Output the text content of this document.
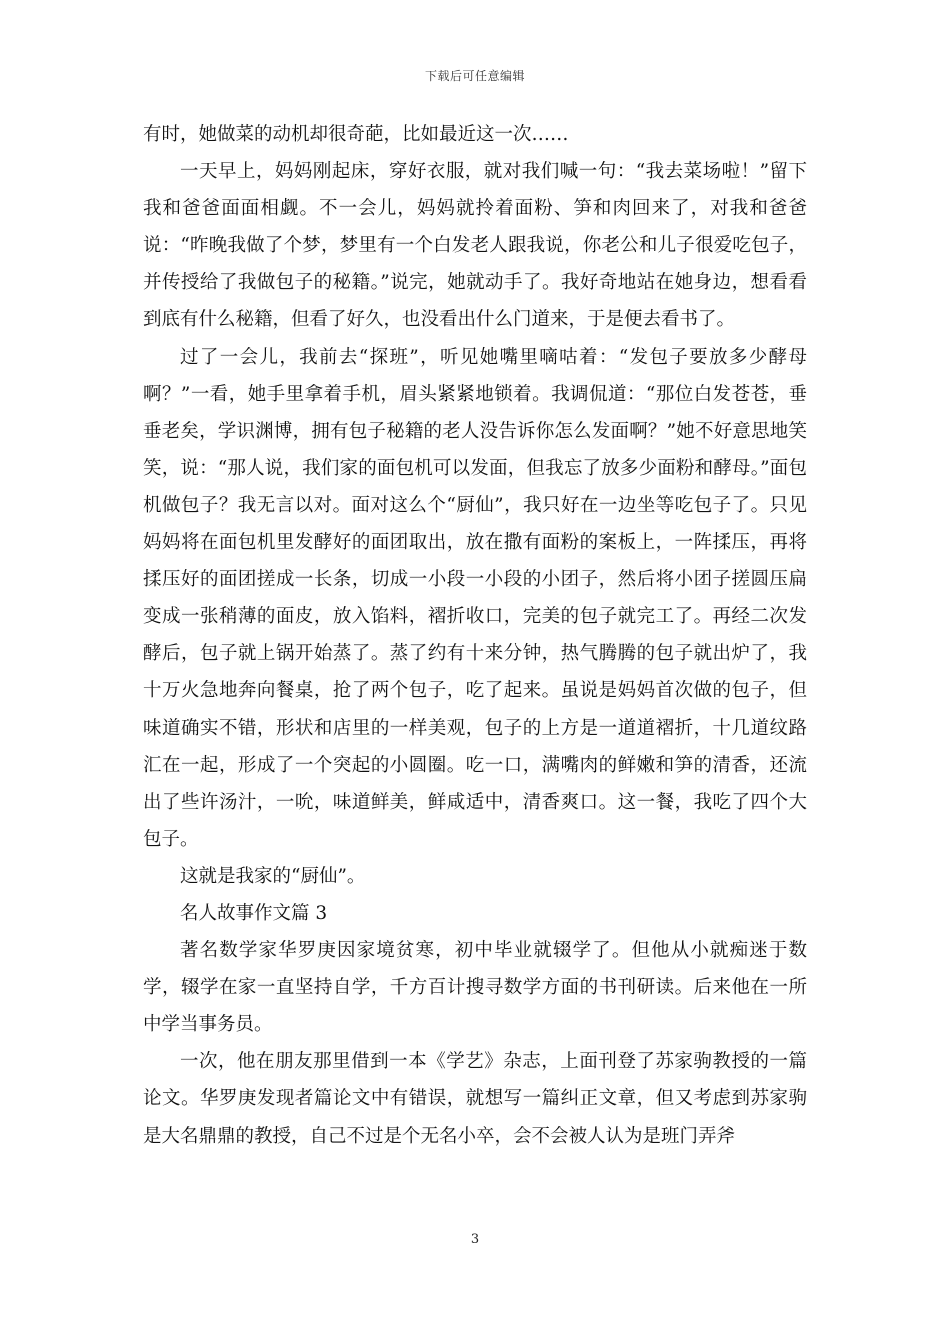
下载后可任意编辑

有时，她做菜的动机却很奇葩，比如最近这一次……

一天早上，妈妈刚起床，穿好衣服，就对我们喊一句：“我去菜场啦！”留下我和爸爸面面相觑。不一会儿，妈妈就拎着面粉、笋和肉回来了，对我和爸爸说：“昨晚我做了个梦，梦里有一个白发老人跟我说，你老公和儿子很爱吃包子，并传授给了我做包子的秘籍。”说完，她就动手了。我好奇地站在她身边，想看看到底有什么秘籍，但看了好久，也没看出什么门道来，于是便去看书了。

过了一会儿，我前去“探班”，听见她嘴里嘀咕着：“发包子要放多少酵母啊？”一看，她手里拿着手机，眉头紧紧地锁着。我调侃道：“那位白发苍苍，垂垂老矣，学识渊博，拥有包子秘籍的老人没告诉你怎么发面啊？”她不好意思地笑笑，说：“那人说，我们家的面包机可以发面，但我忘了放多少面粉和酵母。”面包机做包子？我无言以对。面对这么个“厨仙”，我只好在一边坐等吃包子了。只见妈妈将在面包机里发酵好的面团取出，放在撒有面粉的案板上，一阵揉压，再将揉压好的面团搓成一长条，切成一小段一小段的小团子，然后将小团子搓圆压扁变成一张稍薄的面皮，放入馅料，褶折收口，完美的包子就完工了。再经二次发酵后，包子就上锅开始蒸了。蒸了约有十来分钟，热气腾腾的包子就出炉了，我十万火急地奔向餐桌，抢了两个包子，吃了起来。虽说是妈妈首次做的包子，但味道确实不错，形状和店里的一样美观，包子的上方是一道道褶折，十几道纹路汇在一起，形成了一个突起的小圆圈。吃一口，满嘴肉的鲜嫩和笋的清香，还流出了些许汤汁，一吮，味道鲜美，鲜咸适中，清香爽口。这一餐，我吃了四个大包子。

这就是我家的“厨仙”。

名人故事作文篇 3

著名数学家华罗庚因家境贫寒，初中毕业就辍学了。但他从小就痴迷于数学，辍学在家一直坚持自学，千方百计搜寻数学方面的书刊研读。后来他在一所中学当事务员。

一次，他在朋友那里借到一本《学艺》杂志，上面刊登了苏家驹教授的一篇论文。华罗庚发现者篇论文中有错误，就想写一篇纠正文章，但又考虑到苏家驹是大名鼎鼎的教授，自己不过是个无名小卒，会不会被人认为是班门弄斧

3
